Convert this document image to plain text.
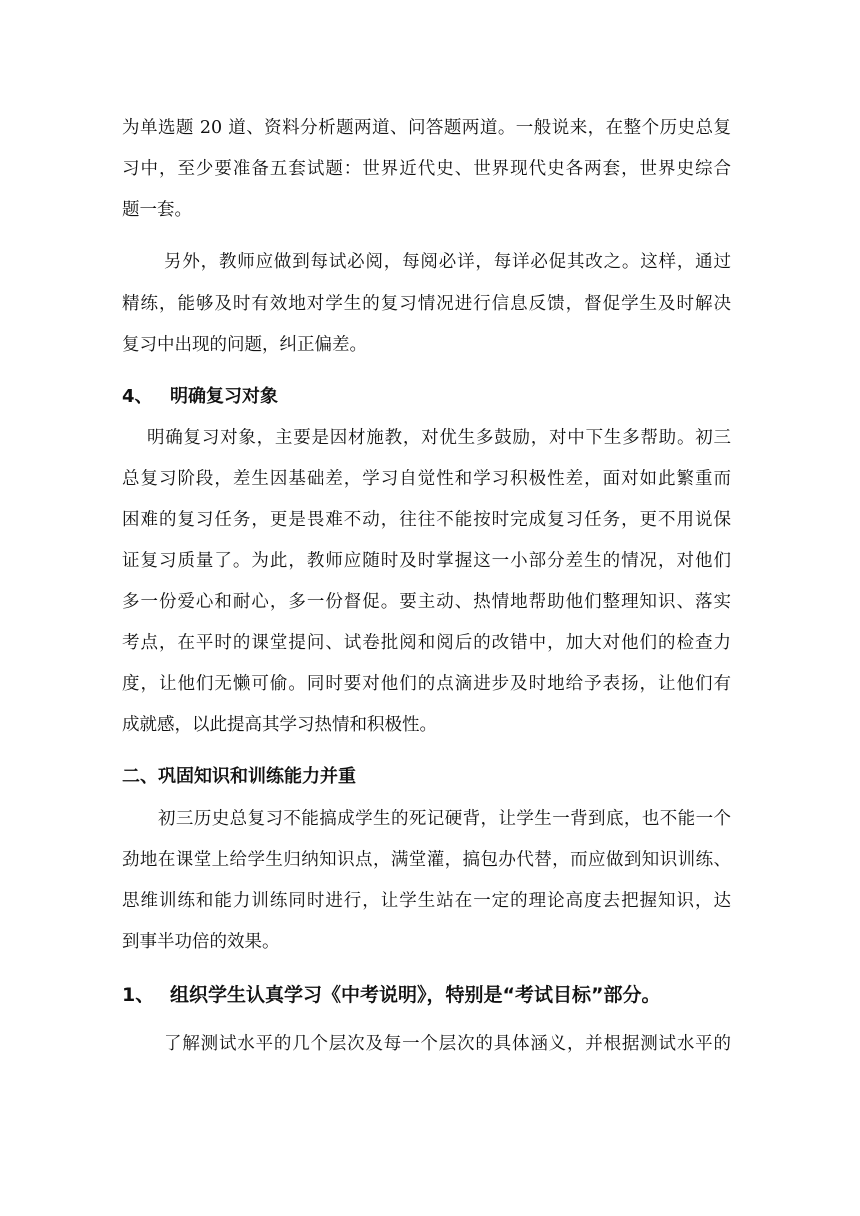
为单选题 20 道、资料分析题两道、问答题两道。一般说来，在整个历史总复
习中，至少要准备五套试题：世界近代史、世界现代史各两套，世界史综合
题一套。
另外，教师应做到每试必阅，每阅必详，每详必促其改之。这样，通过
精练，能够及时有效地对学生的复习情况进行信息反馈，督促学生及时解决
复习中出现的问题，纠正偏差。
4、 明确复习对象
明确复习对象，主要是因材施教，对优生多鼓励，对中下生多帮助。初三
总复习阶段，差生因基础差，学习自觉性和学习积极性差，面对如此繁重而
困难的复习任务，更是畏难不动，往往不能按时完成复习任务，更不用说保
证复习质量了。为此，教师应随时及时掌握这一小部分差生的情况，对他们
多一份爱心和耐心，多一份督促。要主动、热情地帮助他们整理知识、落实
考点，在平时的课堂提问、试卷批阅和阅后的改错中，加大对他们的检查力
度，让他们无懒可偷。同时要对他们的点滴进步及时地给予表扬，让他们有
成就感，以此提高其学习热情和积极性。
二、巩固知识和训练能力并重
初三历史总复习不能搞成学生的死记硬背，让学生一背到底，也不能一个
劲地在课堂上给学生归纳知识点，满堂灌，搞包办代替，而应做到知识训练、
思维训练和能力训练同时进行，让学生站在一定的理论高度去把握知识，达
到事半功倍的效果。
1、 组织学生认真学习《中考说明》，特别是“考试目标”部分。
了解测试水平的几个层次及每一个层次的具体涵义，并根据测试水平的
